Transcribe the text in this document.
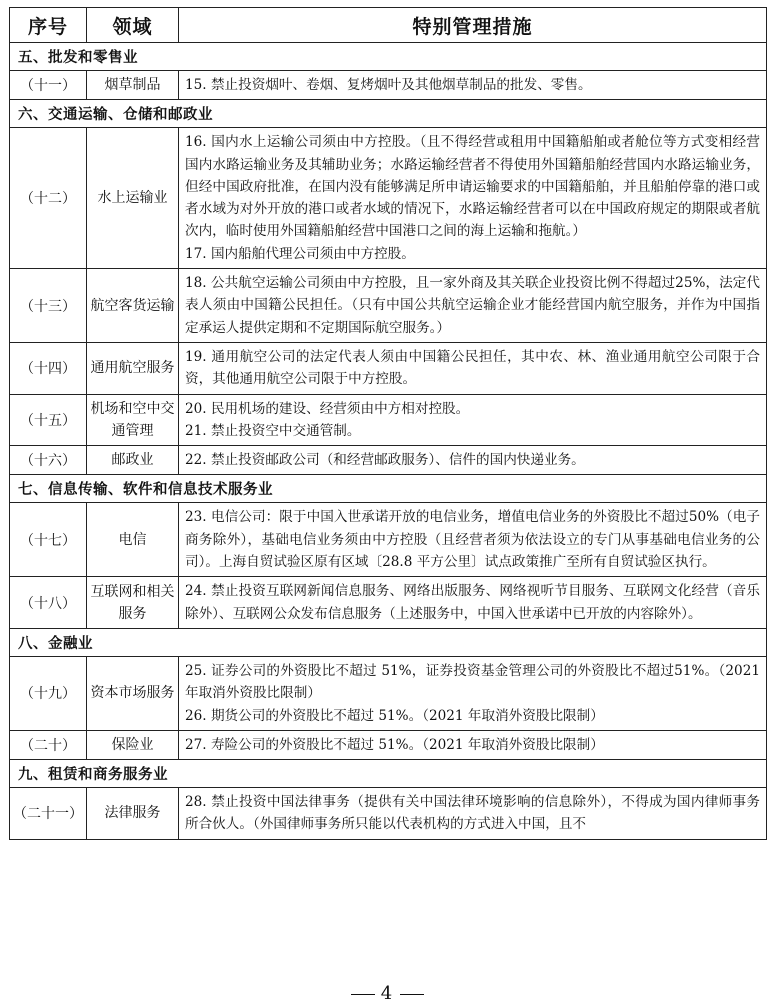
序号	领域	特别管理措施
五、批发和零售业		
（十一）	烟草制品	15. 禁止投资烟叶、卷烟、复烤烟叶及其他烟草制品的批发、零售。

六、交通运输、仓储和邮政业		
（十二）	水上运输业	16. 国内水上运输公司须由中方控股。（且不得经营或租用中国籍船舶或者舱位等方式变相经营国内水路运输业务及其辅助业务；水路运输经营者不得使用外国籍船舶经营国内水路运输业务，但经中国政府批准，在国内没有能够满足所申请运输要求的中国籍船舶，并且船舶停靠的港口或者水域为对外开放的港口或者水域的情况下，水路运输经营者可以在中国政府规定的期限或者航次内，临时使用外国籍船舶经营中国港口之间的海上运输和拖航。）

17. 国内船舶代理公司须由中方控股。

（十三）	航空客货运输	18. 公共航空运输公司须由中方控股，且一家外商及其关联企业投资比例不得超过25%，法定代表人须由中国籍公民担任。（只有中国公共航空运输企业才能经营国内航空服务，并作为中国指定承运人提供定期和不定期国际航空服务。）

（十四）	通用航空服务	19. 通用航空公司的法定代表人须由中国籍公民担任，其中农、林、渔业通用航空公司限于合资，其他通用航空公司限于中方控股。

（十五）	机场和空中交通管理	20. 民用机场的建设、经营须由中方相对控股。

21. 禁止投资空中交通管制。

（十六）	邮政业	22. 禁止投资邮政公司（和经营邮政服务）、信件的国内快递业务。

七、信息传输、软件和信息技术服务业		
（十七）	电信	23. 电信公司：限于中国入世承诺开放的电信业务，增值电信业务的外资股比不超过50%（电子商务除外），基础电信业务须由中方控股（且经营者须为依法设立的专门从事基础电信业务的公司）。上海自贸试验区原有区域〔28.8 平方公里〕试点政策推广至所有自贸试验区执行。

（十八）	互联网和相关服务	24. 禁止投资互联网新闻信息服务、网络出版服务、网络视听节目服务、互联网文化经营（音乐除外）、互联网公众发布信息服务（上述服务中，中国入世承诺中已开放的内容除外）。

八、金融业		
（十九）	资本市场服务	25. 证券公司的外资股比不超过 51%，证券投资基金管理公司的外资股比不超过51%。（2021 年取消外资股比限制）

26. 期货公司的外资股比不超过 51%。（2021 年取消外资股比限制）

（二十）	保险业	27. 寿险公司的外资股比不超过 51%。（2021 年取消外资股比限制）

九、租赁和商务服务业		
（二十一）	法律服务	28. 禁止投资中国法律事务（提供有关中国法律环境影响的信息除外），不得成为国内律师事务所合伙人。（外国律师事务所只能以代表机构的方式进入中国，且不

4
